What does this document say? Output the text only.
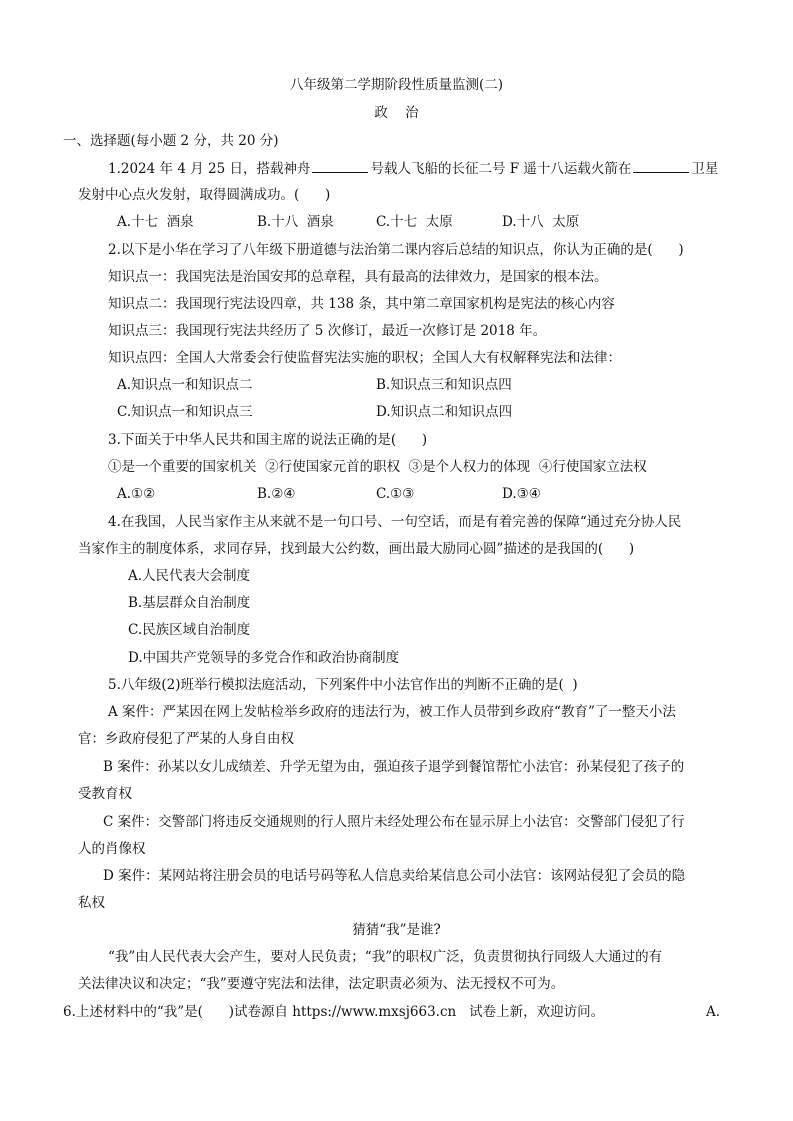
八年级第二学期阶段性质量监测(二)
政    治
一、选择题(每小题 2 分，共 20 分)
1.2024 年 4 月 25 日，搭载神舟	号载人飞船的长征二号 F 遥十八运载火箭在	卫星
发射中心点火发射，取得圆满成功。(      )
A.十七  酒泉	B.十八  酒泉	C.十七  太原	D.十八  太原
2.以下是小华在学习了八年级下册道德与法治第二课内容后总结的知识点，你认为正确的是(      )
知识点一：我国宪法是治国安邦的总章程，具有最高的法律效力，是国家的根本法。
知识点二：我国现行宪法设四章，共 138 条，其中第二章国家机构是宪法的核心内容
知识点三：我国现行宪法共经历了 5 次修订，最近一次修订是 2018 年。
知识点四：全国人大常委会行使监督宪法实施的职权；全国人大有权解释宪法和法律：
A.知识点一和知识点二	B.知识点三和知识点四
C.知识点一和知识点三	D.知识点二和知识点四
3.下面关于中华人民共和国主席的说法正确的是(      )
①是一个重要的国家机关  ②行使国家元首的职权  ③是个人权力的体现  ④行使国家立法权
A.①②	B.②④	C.①③	D.③④
4.在我国，人民当家作主从来就不是一句口号、一句空话，而是有着完善的保障“通过充分协人民
当家作主的制度体系，求同存异，找到最大公约数，画出最大励同心圆”描述的是我国的(      )
A.人民代表大会制度
B.基层群众自治制度
C.民族区域自治制度
D.中国共产党领导的多党合作和政治协商制度
5.八年级(2)班举行模拟法庭活动，下列案件中小法官作出的判断不正确的是(  )
A 案件：严某因在网上发帖检举乡政府的违法行为，被工作人员带到乡政府“教育”了一整天小法
官：乡政府侵犯了严某的人身自由权
B 案件：孙某以女儿成绩差、升学无望为由，强迫孩子退学到餐馆帮忙小法官：孙某侵犯了孩子的
受教育权
C 案件：交警部门将违反交通规则的行人照片未经处理公布在显示屏上小法官：交警部门侵犯了行
人的肖像权
D 案件：某网站将注册会员的电话号码等私人信息卖给某信息公司小法官：该网站侵犯了会员的隐
私权
猜猜“我”是谁?
“我”由人民代表大会产生，要对人民负责；“我”的职权广泛，负责贯彻执行同级人大通过的有
关法律决议和决定；“我”要遵守宪法和法律，法定职责必须为、法无授权不可为。
6.上述材料中的“我”是(      )试卷源自 https://www.mxsj663.cn   试卷上新，欢迎访问。	A.
